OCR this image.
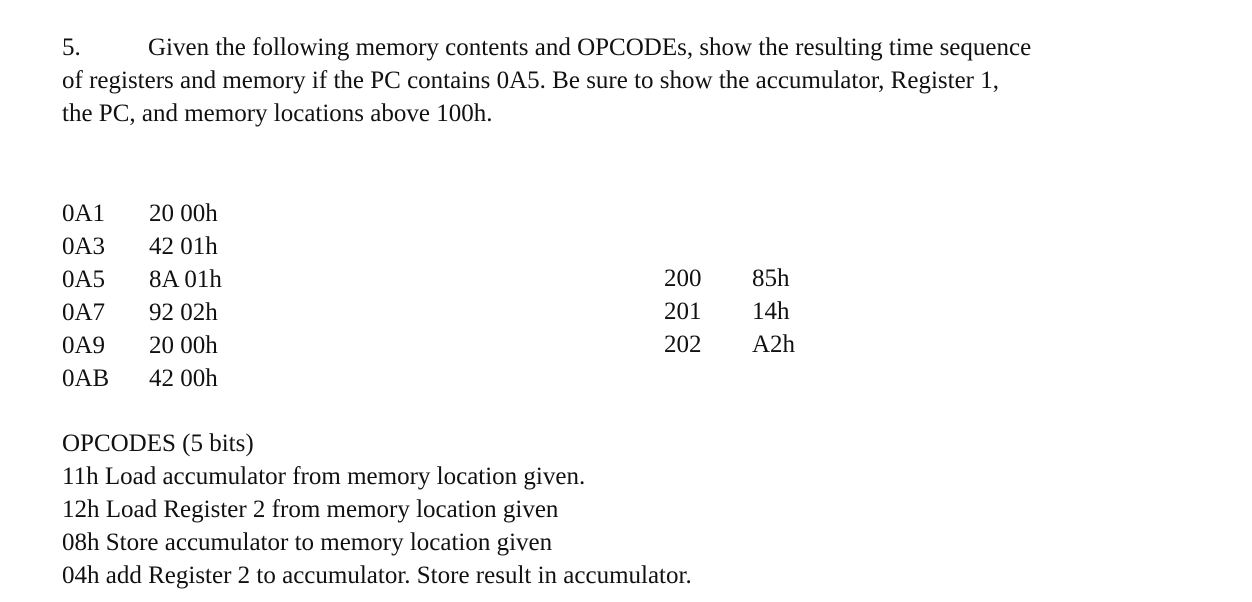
5.	Given the following memory contents and OPCODEs, show the resulting time sequence
of registers and memory if the PC contains 0A5. Be sure to show the accumulator, Register 1,
the PC, and memory locations above 100h.
0A1 20 00h
0A3 42 01h
0A5 8A 01h
0A7 92 02h
0A9 20 00h
0AB 42 00h
200 85h
201 14h
202 A2h
OPCODES (5 bits)
11h Load accumulator from memory location given.
12h Load Register 2 from memory location given
08h Store accumulator to memory location given
04h add Register 2 to accumulator. Store result in accumulator.
